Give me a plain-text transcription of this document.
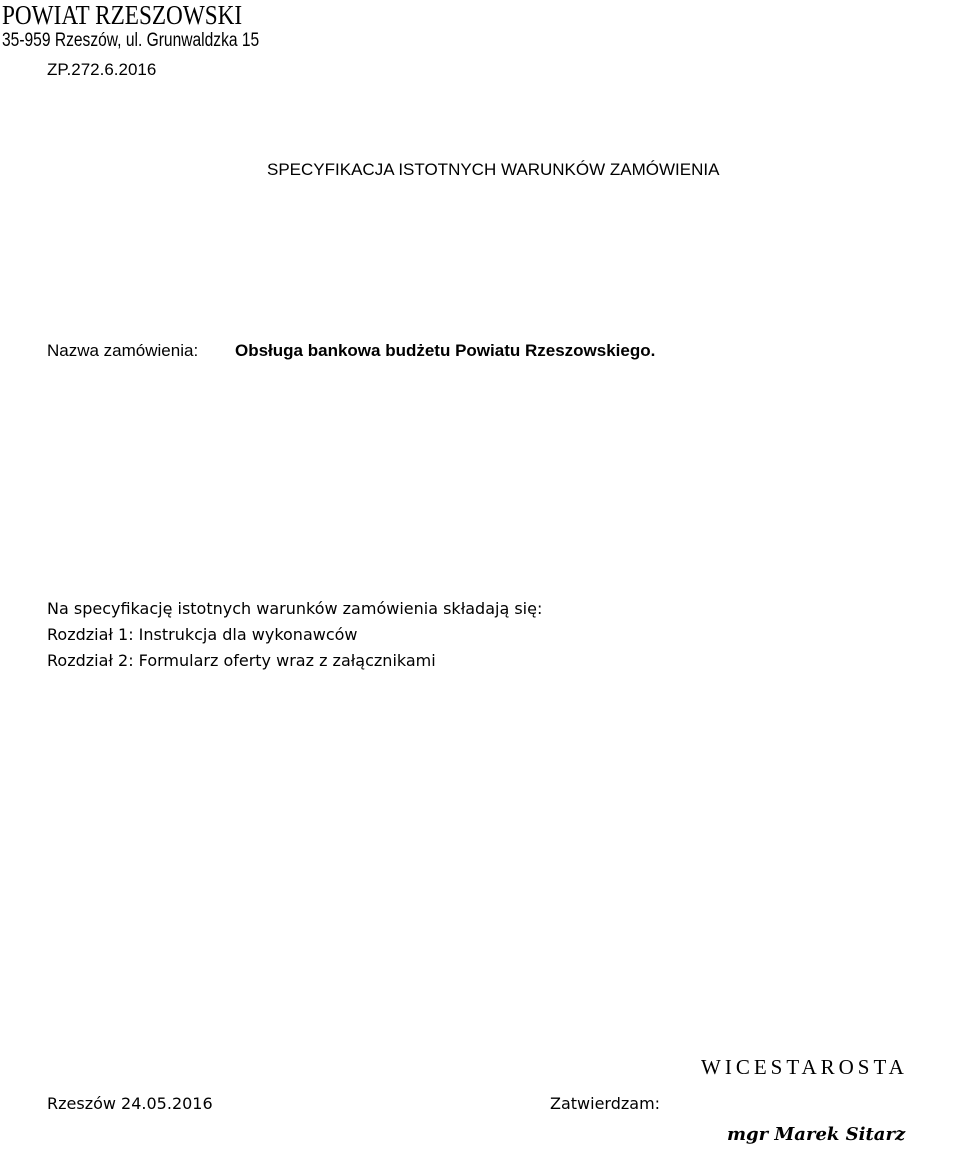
POWIAT RZESZOWSKI
35-959 Rzeszów, ul. Grunwaldzka 15
ZP.272.6.2016
SPECYFIKACJA ISTOTNYCH WARUNKÓW ZAMÓWIENIA
Nazwa zamówienia: Obsługa bankowa budżetu Powiatu Rzeszowskiego.
Na specyfikację istotnych warunków zamówienia składają się:
Rozdział 1: Instrukcja dla wykonawców
Rozdział 2: Formularz oferty wraz z załącznikami
Rzeszów 24.05.2016	Zatwierdzam:
WICESTAROSTA
mgr Marek Sitarz
